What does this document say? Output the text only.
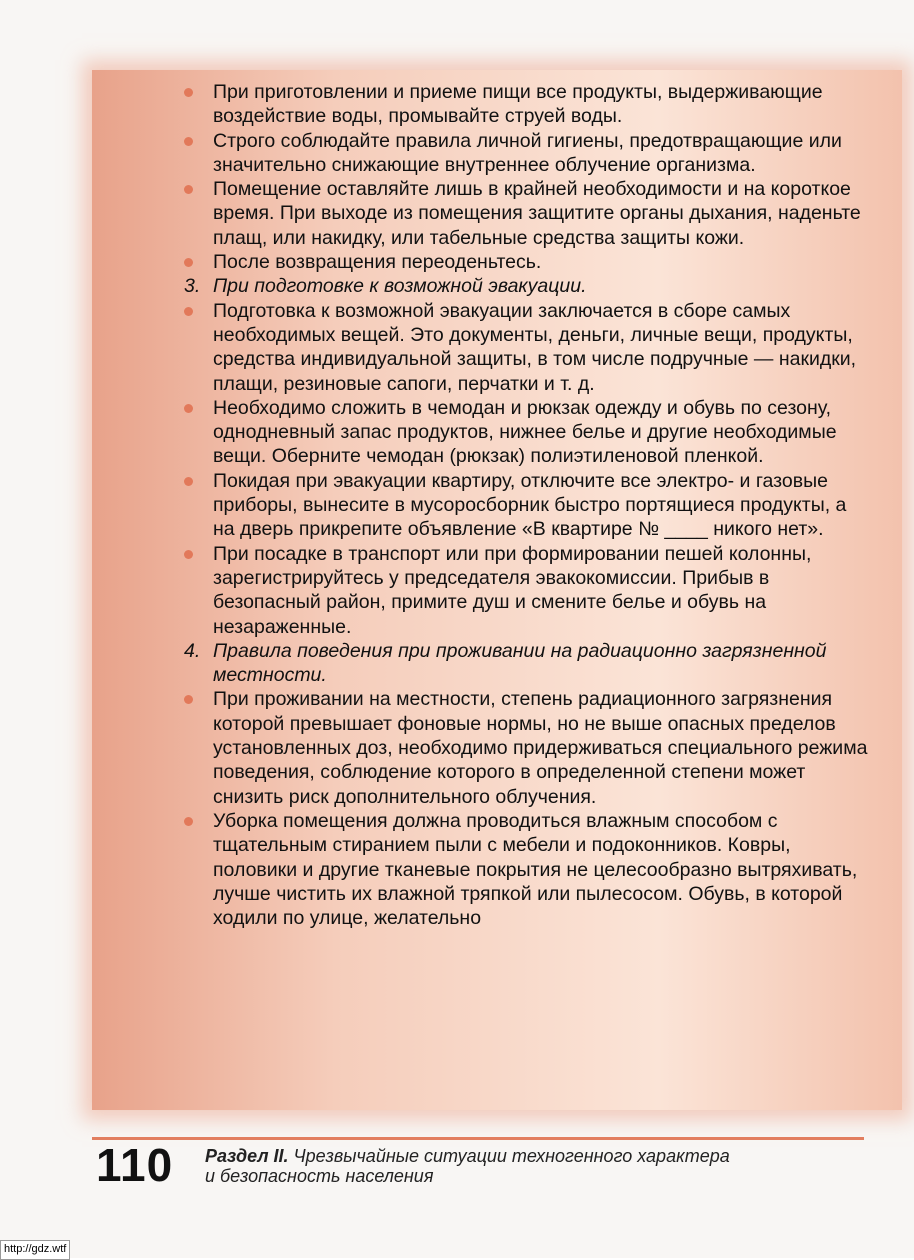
При приготовлении и приеме пищи все продукты, выдерживающие воздействие воды, промывайте струей воды.

Строго соблюдайте правила личной гигиены, предотвращающие или значительно снижающие внутреннее облучение организма.

Помещение оставляйте лишь в крайней необходимости и на короткое время. При выходе из помещения защитите органы дыхания, наденьте плащ, или накидку, или табельные средства защиты кожи.

После возвращения переоденьтесь.

3. При подготовке к возможной эвакуации.

Подготовка к возможной эвакуации заключается в сборе самых необходимых вещей. Это документы, деньги, личные вещи, продукты, средства индивидуальной защиты, в том числе подручные — накидки, плащи, резиновые сапоги, перчатки и т. д.

Необходимо сложить в чемодан и рюкзак одежду и обувь по сезону, однодневный запас продуктов, нижнее белье и другие необходимые вещи. Оберните чемодан (рюкзак) полиэтиленовой пленкой.

Покидая при эвакуации квартиру, отключите все электро- и газовые приборы, вынесите в мусоросборник быстро портящиеся продукты, а на дверь прикрепите объявление «В квартире № ____ никого нет».

При посадке в транспорт или при формировании пешей колонны, зарегистрируйтесь у председателя эвакокомиссии. Прибыв в безопасный район, примите душ и смените белье и обувь на незараженные.

4. Правила поведения при проживании на радиационно загрязненной местности.

При проживании на местности, степень радиационного загрязнения которой превышает фоновые нормы, но не выше опасных пределов установленных доз, необходимо придерживаться специального режима поведения, соблюдение которого в определенной степени может снизить риск дополнительного облучения.

Уборка помещения должна проводиться влажным способом с тщательным стиранием пыли с мебели и подоконников. Ковры, половики и другие тканевые покрытия не целесообразно вытряхивать, лучше чистить их влажной тряпкой или пылесосом. Обувь, в которой ходили по улице, желательно

110 Раздел II. Чрезвычайные ситуации техногенного характера
и безопасность населения
http://gdz.wtf
